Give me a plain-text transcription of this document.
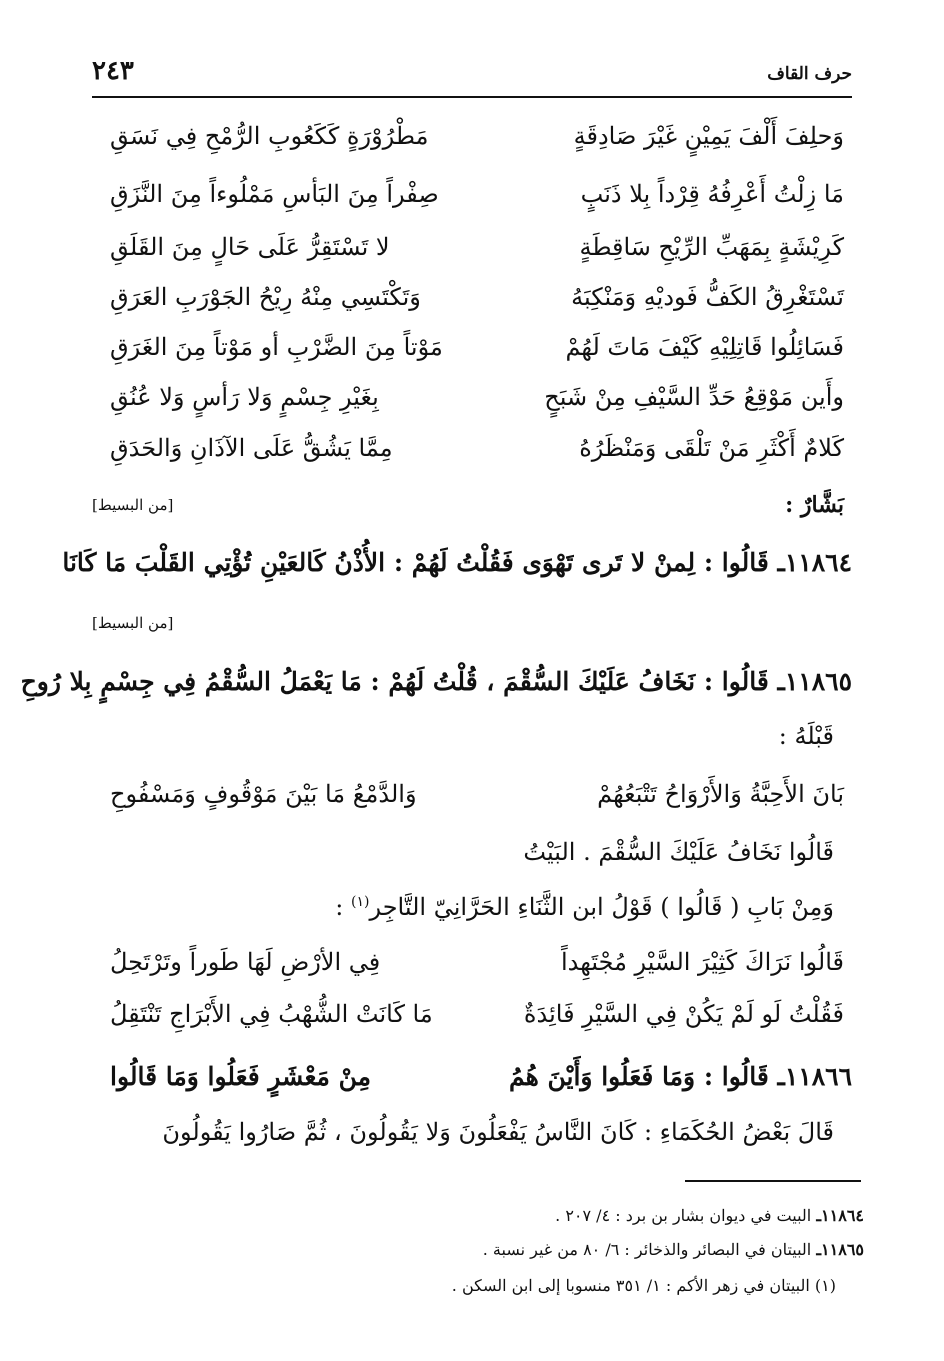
حرف القاف
٢٤٣
وَحلِفَ أَلْفَ يَمِيْنٍ غَيْرَ صَادِقَةٍ
مَطْرُوْرَةٍ كَكَعُوبِ الرُّمْحِ فِي نَسَقِ
مَا زِلْتُ أَعْرِفُهُ قِرْداً بِلا ذَنَبٍ
صِفْراً مِنَ البَأسِ مَمْلُوءاً مِنَ النَّزَقِ
كَرِيْشَةٍ بِمَهَبِّ الرِّيْحِ سَاقِطَةٍ
لا تَسْتَقِرُّ عَلَى حَالٍ مِنَ القَلَقِ
تَسْتَغْرِقُ الكَفُّ فَوديْهِ وَمَنْكِبَهُ
وَتَكْتَسِي مِنْهُ رِيْحُ الجَوْرَبِ العَرَقِ
فَسَائِلُوا قَاتِلِيْهِ كَيْفَ مَاتَ لَهُمْ
مَوْتاً مِنَ الضَّرْبِ أو مَوْتاً مِنَ الغَرَقِ
وأَين مَوْقِعُ حَدِّ السَّيْفِ مِنْ شَبَحٍ
بِغَيْرِ جِسْمٍ وَلا رَأسٍ وَلا عُنُقِ
كَلامٌ أَكْثَرِ مَنْ تَلْقَى وَمَنْظَرُهُ
مِمَّا يَشُقُّ عَلَى الآذَانِ وَالحَدَقِ
بَشَّارٌ :
[من البسيط]
١١٨٦٤ـ قَالُوا : لِمنْ لا تَرى تَهْوَى فَقُلْتُ لَهُمْ : الأُذْنُ كَالعَيْنِ تُؤْتِي القَلْبَ مَا كَانَا
[من البسيط]
١١٨٦٥ـ قَالُوا : نَخَافُ عَلَيْكَ السُّقْمَ ، قُلْتُ لَهُمْ : مَا يَعْمَلُ السُّقْمُ فِي جِسْمٍ بِلا رُوحِ
قَبْلَهُ :
بَانَ الأَحِبَّةُ وَالأَرْوَاحُ تَتْبَعُهُمْ
وَالدَّمْعُ مَا بَيْنَ مَوْقُوفٍ وَمَسْفُوحِ
قَالُوا نَخَافُ عَلَيْكَ السُّقْمَ . البَيْتُ
وَمِنْ بَابِ ( قَالُوا ) قَوْلُ ابن الثَّنَاءِ الحَرَّانِيّ التَّاجِر$^{(١)}$ :
قَالُوا نَرَاكَ كَثِيْرَ السَّيْرِ مُجْتَهِداً
فِي الأرْضِ لَهَا طَوراً وتَرْتَحِلُ
فَقُلْتُ لَو لَمْ يَكُنْ فِي السَّيْرِ فَائِدَةٌ
مَا كَانَتْ الشُّهْبُ فِي الأَبْرَاجِ تَنْتَقِلُ
١١٨٦٦ـ قَالُوا : وَمَا فَعَلُوا وَأَيْنَ هُمُ
مِنْ مَعْشَرٍ فَعَلُوا وَمَا قَالُوا
قَالَ بَعْضُ الحُكَمَاءِ : كَانَ النَّاسُ يَفْعَلُونَ وَلا يَقُولُونَ ، ثُمَّ صَارُوا يَقُولُونَ
١١٨٦٤ـ البيت في ديوان بشار بن برد : ٤/ ٢٠٧ .
١١٨٦٥ـ البيتان في البصائر والذخائر : ٦/ ٨٠ من غير نسبة .
(١) البيتان في زهر الأكم : ١/ ٣٥١ منسوبا إلى ابن السكن .
